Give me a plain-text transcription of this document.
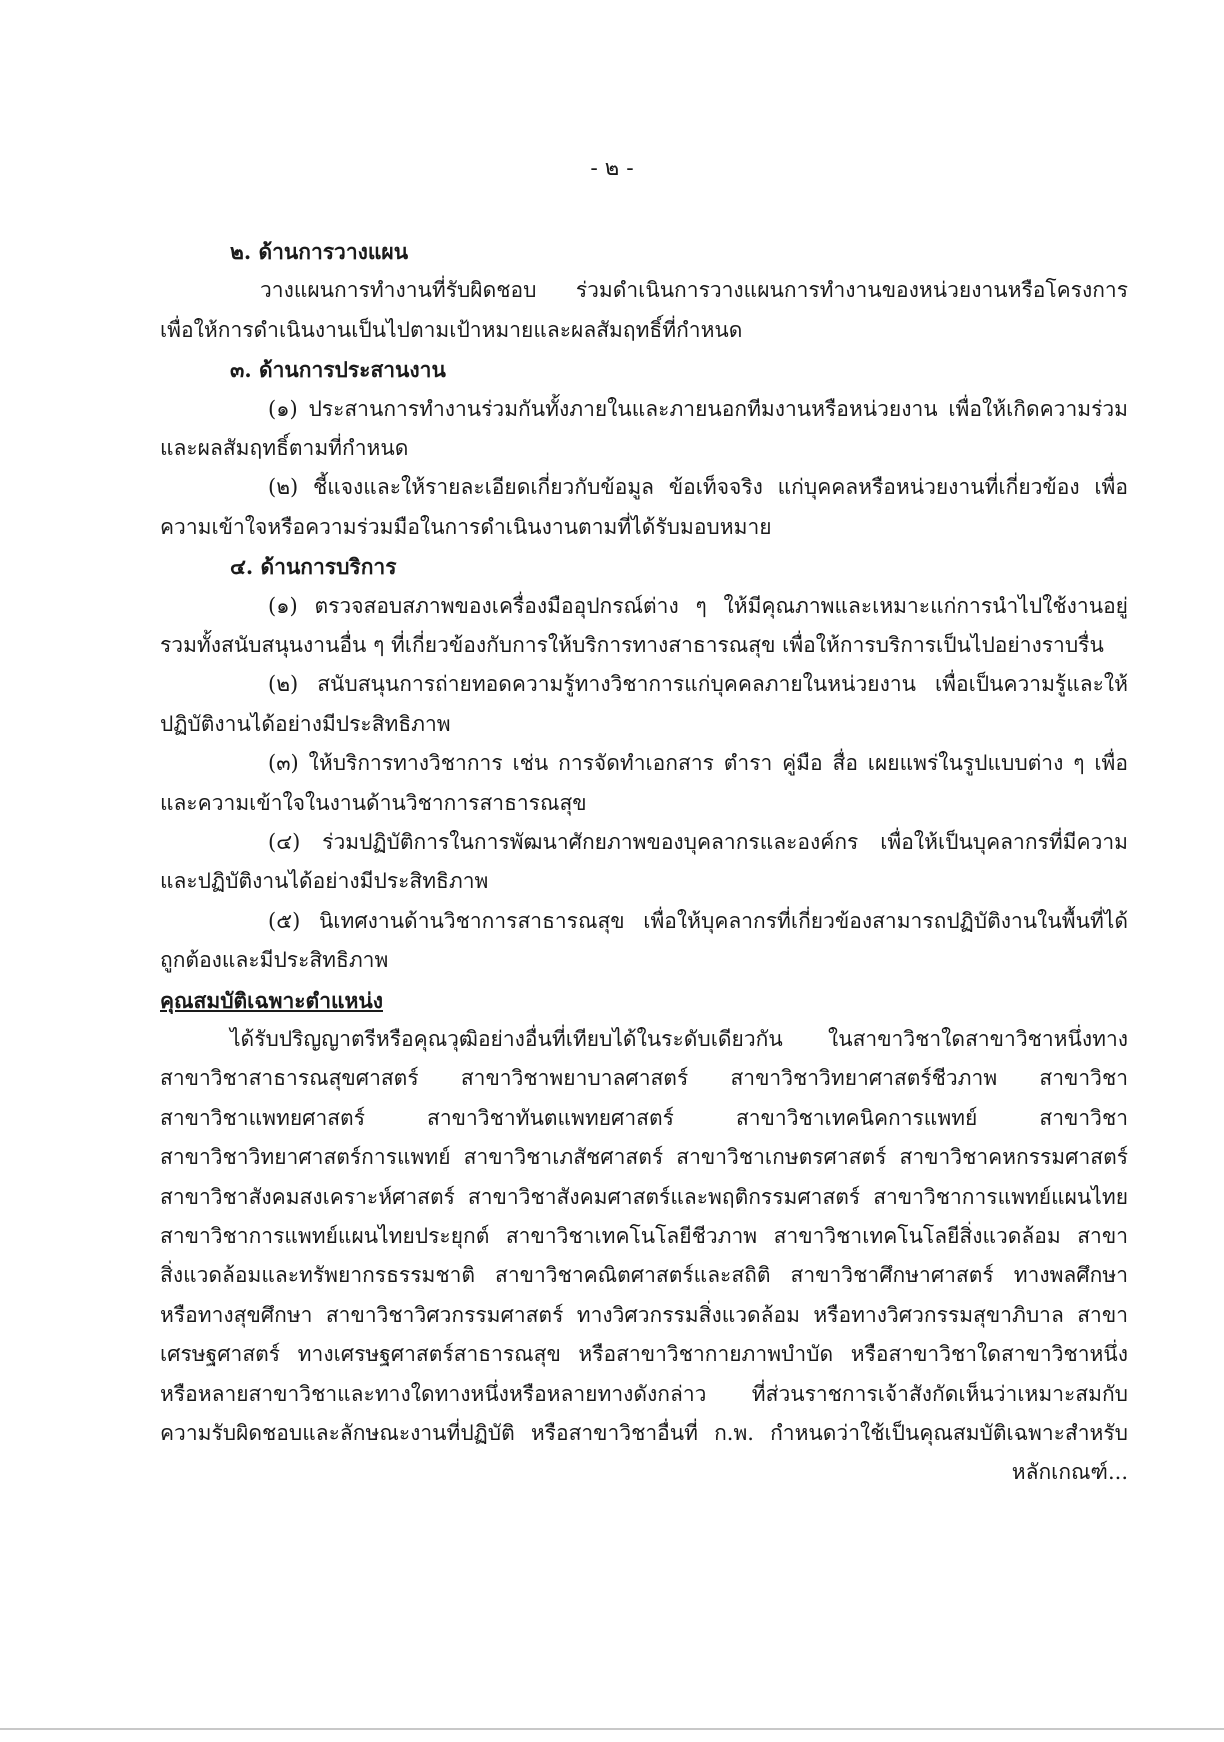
- ๒ -
๒. ด้านการวางแผน
วางแผนการทำงานที่รับผิดชอบ ร่วมดำเนินการวางแผนการทำงานของหน่วยงานหรือโครงการ
เพื่อให้การดำเนินงานเป็นไปตามเป้าหมายและผลสัมฤทธิ์ที่กำหนด
๓. ด้านการประสานงาน
(๑) ประสานการทำงานร่วมกันทั้งภายในและภายนอกทีมงานหรือหน่วยงาน เพื่อให้เกิดความร่วม
และผลสัมฤทธิ์ตามที่กำหนด
(๒) ชี้แจงและให้รายละเอียดเกี่ยวกับข้อมูล ข้อเท็จจริง แก่บุคคลหรือหน่วยงานที่เกี่ยวข้อง เพื่อ
ความเข้าใจหรือความร่วมมือในการดำเนินงานตามที่ได้รับมอบหมาย
๔. ด้านการบริการ
(๑) ตรวจสอบสภาพของเครื่องมืออุปกรณ์ต่าง ๆ ให้มีคุณภาพและเหมาะแก่การนำไปใช้งานอยู่
รวมทั้งสนับสนุนงานอื่น ๆ ที่เกี่ยวข้องกับการให้บริการทางสาธารณสุข เพื่อให้การบริการเป็นไปอย่างราบรื่น
(๒) สนับสนุนการถ่ายทอดความรู้ทางวิชาการแก่บุคคลภายในหน่วยงาน เพื่อเป็นความรู้และให้
ปฏิบัติงานได้อย่างมีประสิทธิภาพ
(๓) ให้บริการทางวิชาการ เช่น การจัดทำเอกสาร ตำรา คู่มือ สื่อ เผยแพร่ในรูปแบบต่าง ๆ เพื่อ
และความเข้าใจในงานด้านวิชาการสาธารณสุข
(๔) ร่วมปฏิบัติการในการพัฒนาศักยภาพของบุคลากรและองค์กร เพื่อให้เป็นบุคลากรที่มีความ
และปฏิบัติงานได้อย่างมีประสิทธิภาพ
(๕) นิเทศงานด้านวิชาการสาธารณสุข เพื่อให้บุคลากรที่เกี่ยวข้องสามารถปฏิบัติงานในพื้นที่ได้
ถูกต้องและมีประสิทธิภาพ
คุณสมบัติเฉพาะตำแหน่ง
ได้รับปริญญาตรีหรือคุณวุฒิอย่างอื่นที่เทียบได้ในระดับเดียวกัน ในสาขาวิชาใดสาขาวิชาหนึ่งทาง
สาขาวิชาสาธารณสุขศาสตร์ สาขาวิชาพยาบาลศาสตร์ สาขาวิชาวิทยาศาสตร์ชีวภาพ สาขาวิชา
สาขาวิชาแพทยศาสตร์ สาขาวิชาทันตแพทยศาสตร์ สาขาวิชาเทคนิคการแพทย์ สาขาวิชา
สาขาวิชาวิทยาศาสตร์การแพทย์ สาขาวิชาเภสัชศาสตร์ สาขาวิชาเกษตรศาสตร์ สาขาวิชาคหกรรมศาสตร์
สาขาวิชาสังคมสงเคราะห์ศาสตร์ สาขาวิชาสังคมศาสตร์และพฤติกรรมศาสตร์ สาขาวิชาการแพทย์แผนไทย
สาขาวิชาการแพทย์แผนไทยประยุกต์ สาขาวิชาเทคโนโลยีชีวภาพ สาขาวิชาเทคโนโลยีสิ่งแวดล้อม สาขา
สิ่งแวดล้อมและทรัพยากรธรรมชาติ สาขาวิชาคณิตศาสตร์และสถิติ สาขาวิชาศึกษาศาสตร์ ทางพลศึกษา
หรือทางสุขศึกษา สาขาวิชาวิศวกรรมศาสตร์ ทางวิศวกรรมสิ่งแวดล้อม หรือทางวิศวกรรมสุขาภิบาล สาขา
เศรษฐศาสตร์ ทางเศรษฐศาสตร์สาธารณสุข หรือสาขาวิชากายภาพบำบัด หรือสาขาวิชาใดสาขาวิชาหนึ่ง
หรือหลายสาขาวิชาและทางใดทางหนึ่งหรือหลายทางดังกล่าว ที่ส่วนราชการเจ้าสังกัดเห็นว่าเหมาะสมกับ
ความรับผิดชอบและลักษณะงานที่ปฏิบัติ หรือสาขาวิชาอื่นที่ ก.พ. กำหนดว่าใช้เป็นคุณสมบัติเฉพาะสำหรับ
หลักเกณฑ์...
